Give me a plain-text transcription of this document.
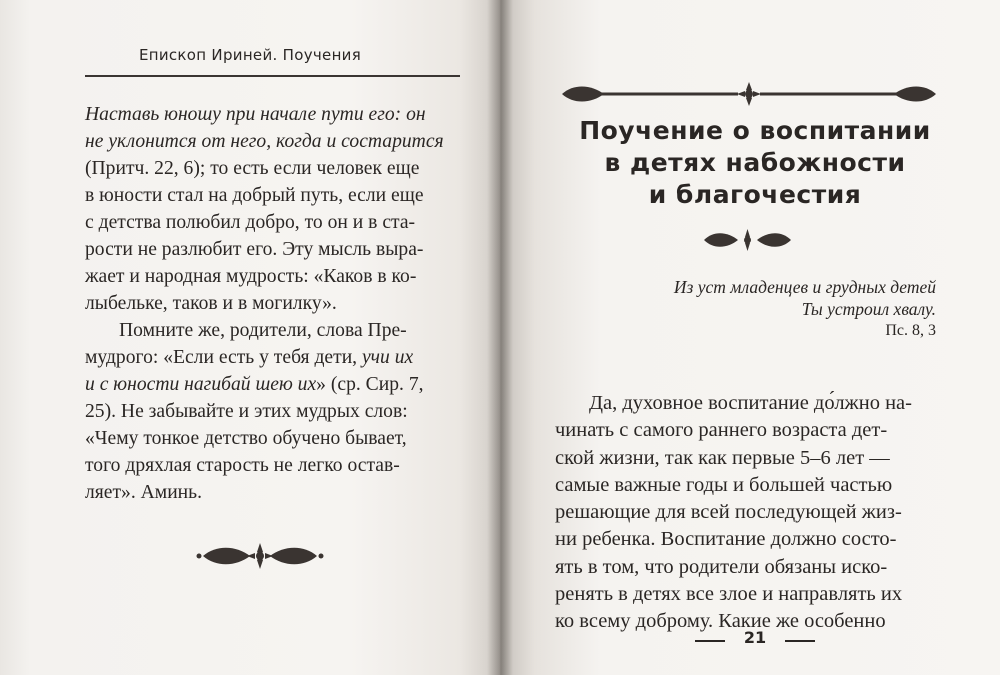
Епископ Ириней. Поучения
Наставь юношу при начале пути его: он
не уклонится от него, когда и состарится
(Притч. 22, 6); то есть если человек еще
в юности стал на добрый путь, если еще
с детства полюбил добро, то он и в ста-
рости не разлюбит его. Эту мысль выра-
жает и народная мудрость: «Каков в ко-
лыбельке, таков и в могилку».
Помните же, родители, слова Пре-
мудрого: «Если есть у тебя дети, учи их
и с юности нагибай шею их» (ср. Сир. 7,
25). Не забывайте и этих мудрых слов:
«Чему тонкое детство обучено бывает,
того дряхлая старость не легко остав-
ляет». Аминь.
Поучение о воспитании
в детях набожности
и благочестия
Из уст младенцев и грудных детей
Ты устроил хвалу.
Пс. 8, 3
Да, духовное воспитание до́лжно на-
чинать с самого раннего возраста дет-
ской жизни, так как первые 5–6 лет —
самые важные годы и большей частью
решающие для всей последующей жиз-
ни ребенка. Воспитание должно состо-
ять в том, что родители обязаны иско-
ренять в детях все злое и направлять их
ко всему доброму. Какие же особенно
21
